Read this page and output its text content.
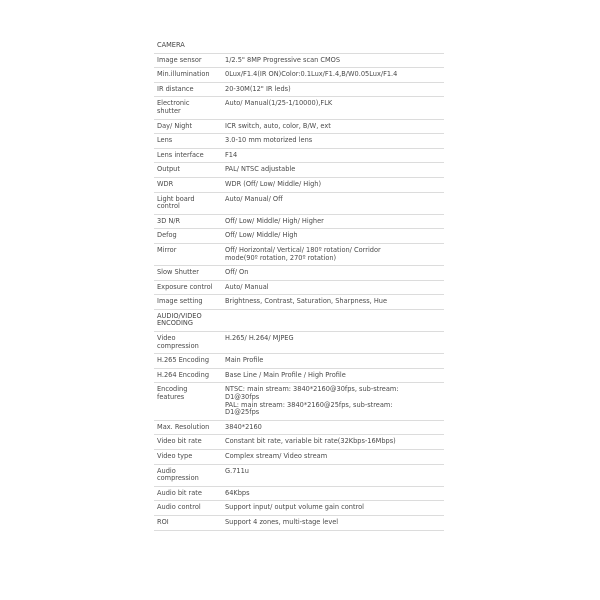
CAMERA	
Image sensor	1/2.5" 8MP Progressive scan CMOS
Min.illumination	0Lux/F1.4(IR ON)Color:0.1Lux/F1.4,B/W0.05Lux/F1.4
IR distance	20-30M(12" IR leds)
Electronic
shutter	Auto/ Manual(1/25-1/10000),FLK
Day/ Night	ICR switch, auto, color, B/W, ext
Lens	3.0-10 mm motorized lens
Lens interface	F14
Output	PAL/ NTSC adjustable
WDR	WDR (Off/ Low/ Middle/ High)
Light board
control	Auto/ Manual/ Off
3D N/R	Off/ Low/ Middle/ High/ Higher
Defog	Off/ Low/ Middle/ High
Mirror	Off/ Horizontal/ Vertical/ 180º rotation/ Corridor
mode(90º rotation, 270º rotation)
Slow Shutter	Off/ On
Exposure control	Auto/ Manual
Image setting	Brightness, Contrast, Saturation, Sharpness, Hue
AUDIO/VIDEO
ENCODING	
Video
compression	H.265/ H.264/ MJPEG
H.265 Encoding	Main Profile
H.264 Encoding	Base Line / Main Profile / High Profile
Encoding
features	NTSC: main stream: 3840*2160@30fps, sub-stream:
D1@30fps
PAL: main stream: 3840*2160@25fps, sub-stream:
D1@25fps
Max. Resolution	3840*2160
Video bit rate	Constant bit rate, variable bit rate(32Kbps-16Mbps)
Video type	Complex stream/ Video stream
Audio
compression	G.711u
Audio bit rate	64Kbps
Audio control	Support input/ output volume gain control
ROI	Support 4 zones, multi-stage level
